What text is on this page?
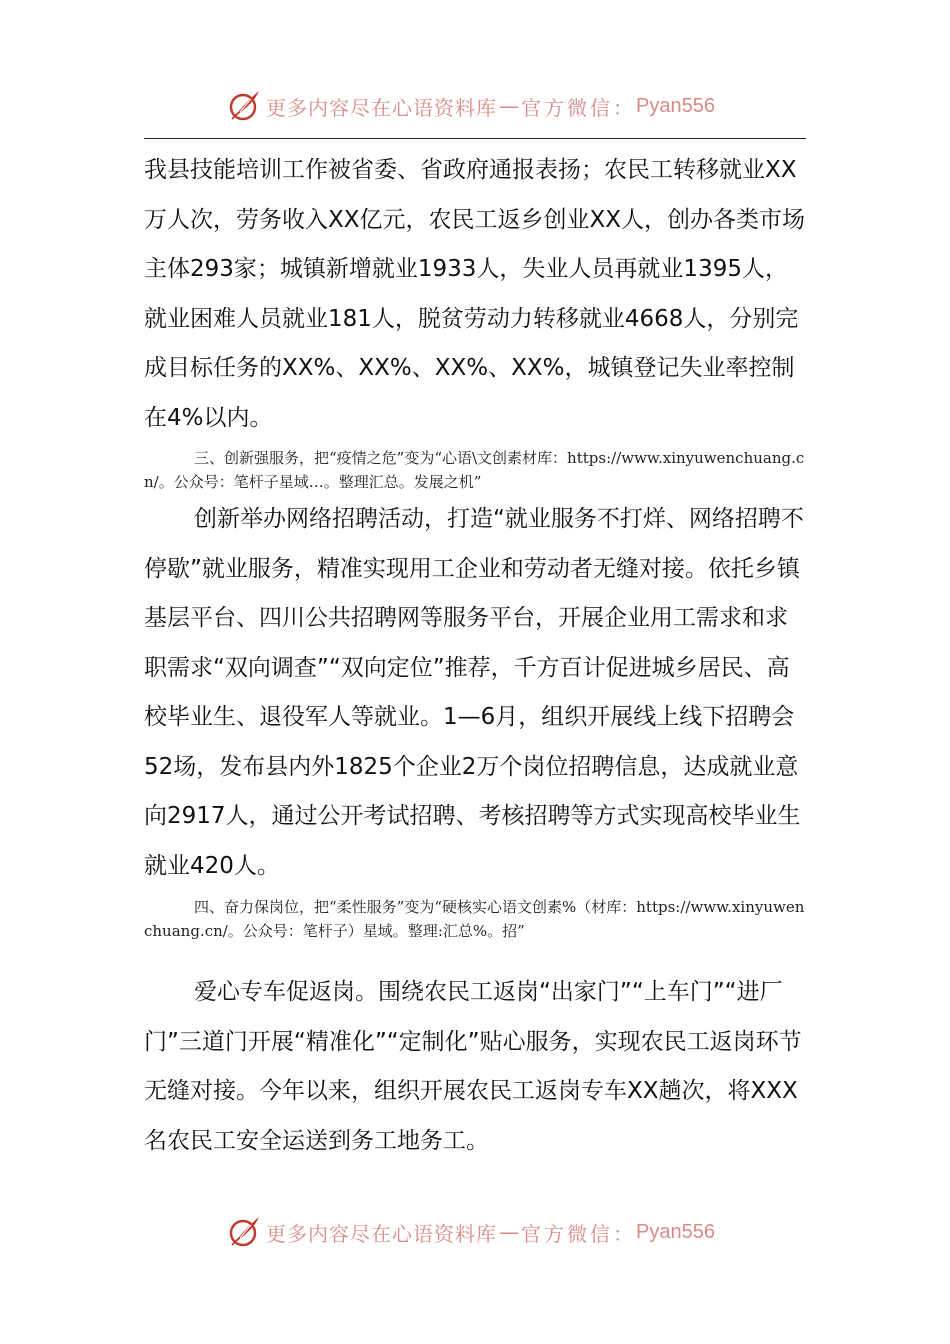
更多内容尽在心语资料库 — 官方微信： Pyan556

我县技能培训工作被省委、省政府通报表扬；农民工转移就业XX万人次，劳务收入XX亿元，农民工返乡创业XX人，创办各类市场主体293家；城镇新增就业1933人，失业人员再就业1395人，就业困难人员就业181人，脱贫劳动力转移就业4668人，分别完成目标任务的XX%、XX%、XX%、XX%，城镇登记失业率控制在4%以内。

三、创新强服务，把“疫情之危”变为“心语\文创素材库：https://www.xinyuwenchuang.cn/。公众号：笔杆子星域…。整理汇总。发展之机”

创新举办网络招聘活动，打造“就业服务不打烊、网络招聘不停歇”就业服务，精准实现用工企业和劳动者无缝对接。依托乡镇基层平台、四川公共招聘网等服务平台，开展企业用工需求和求职需求“双向调查”“双向定位”推荐，千方百计促进城乡居民、高校毕业生、退役军人等就业。1—6月，组织开展线上线下招聘会52场，发布县内外1825个企业2万个岗位招聘信息，达成就业意向2917人，通过公开考试招聘、考核招聘等方式实现高校毕业生就业420人。

四、奋力保岗位，把“柔性服务”变为“硬核实心语文创素%（材库：https://www.xinyuwenchuang.cn/。公众号：笔杆子）星域。整理:汇总%。招”

爱心专车促返岗。围绕农民工返岗“出家门”“上车门”“进厂门”三道门开展“精准化”“定制化”贴心服务，实现农民工返岗环节无缝对接。今年以来，组织开展农民工返岗专车XX趟次，将XXX名农民工安全运送到务工地务工。

更多内容尽在心语资料库 — 官方微信： Pyan556
